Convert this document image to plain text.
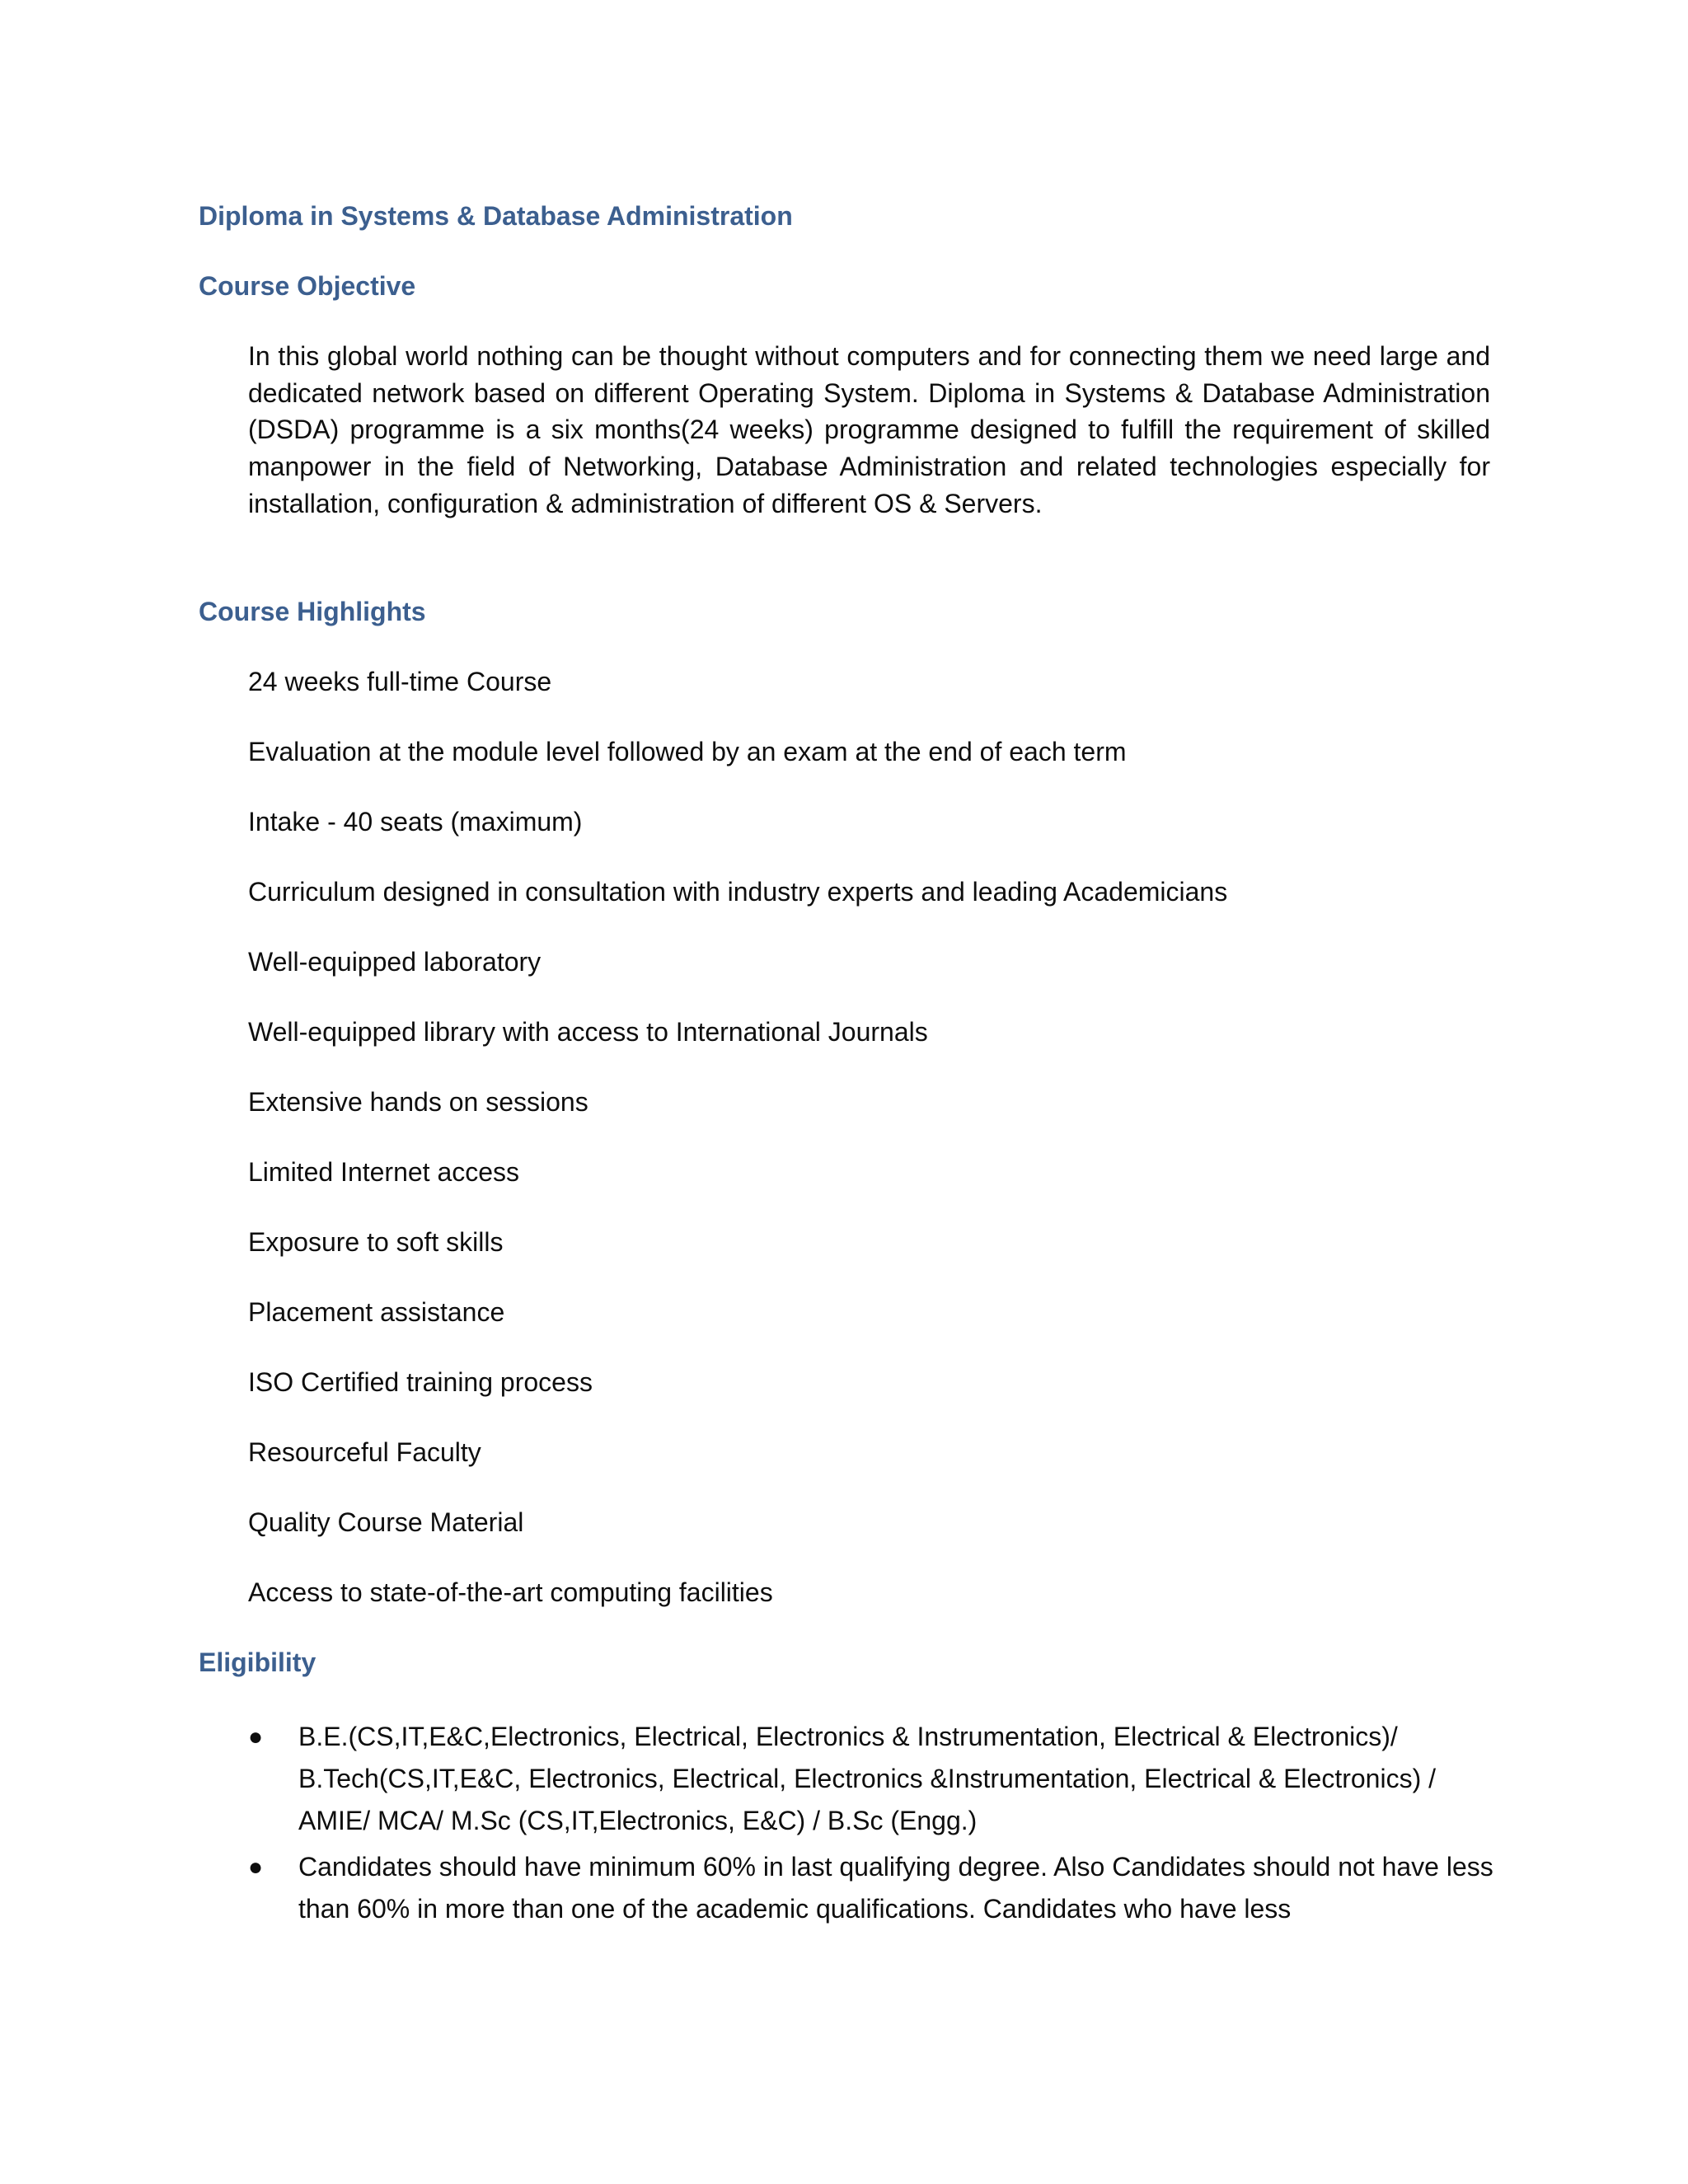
Diploma in Systems & Database Administration
Course Objective

In this global world nothing can be thought without computers and for connecting them we need large and dedicated network based on different Operating System. Diploma in Systems & Database Administration (DSDA) programme is a six months(24 weeks) programme designed to fulfill the requirement of skilled manpower in the field of Networking, Database Administration and related technologies especially for installation, configuration & administration of different OS & Servers.

Course Highlights
24 weeks full-time Course
Evaluation at the module level followed by an exam at the end of each term
Intake - 40 seats (maximum)
Curriculum designed in consultation with industry experts and leading Academicians
Well-equipped laboratory
Well-equipped library with access to International Journals
Extensive hands on sessions
Limited Internet access
Exposure to soft skills
Placement assistance
ISO Certified training process
Resourceful Faculty
Quality Course Material
Access to state-of-the-art computing facilities
Eligibility
● B.E.(CS,IT,E&C,Electronics, Electrical, Electronics & Instrumentation, Electrical & Electronics)/ B.Tech(CS,IT,E&C, Electronics, Electrical, Electronics &Instrumentation, Electrical & Electronics) / AMIE/ MCA/ M.Sc (CS,IT,Electronics, E&C) / B.Sc (Engg.)

● Candidates should have minimum 60% in last qualifying degree. Also Candidates should not have less than 60% in more than one of the academic qualifications. Candidates who have less
